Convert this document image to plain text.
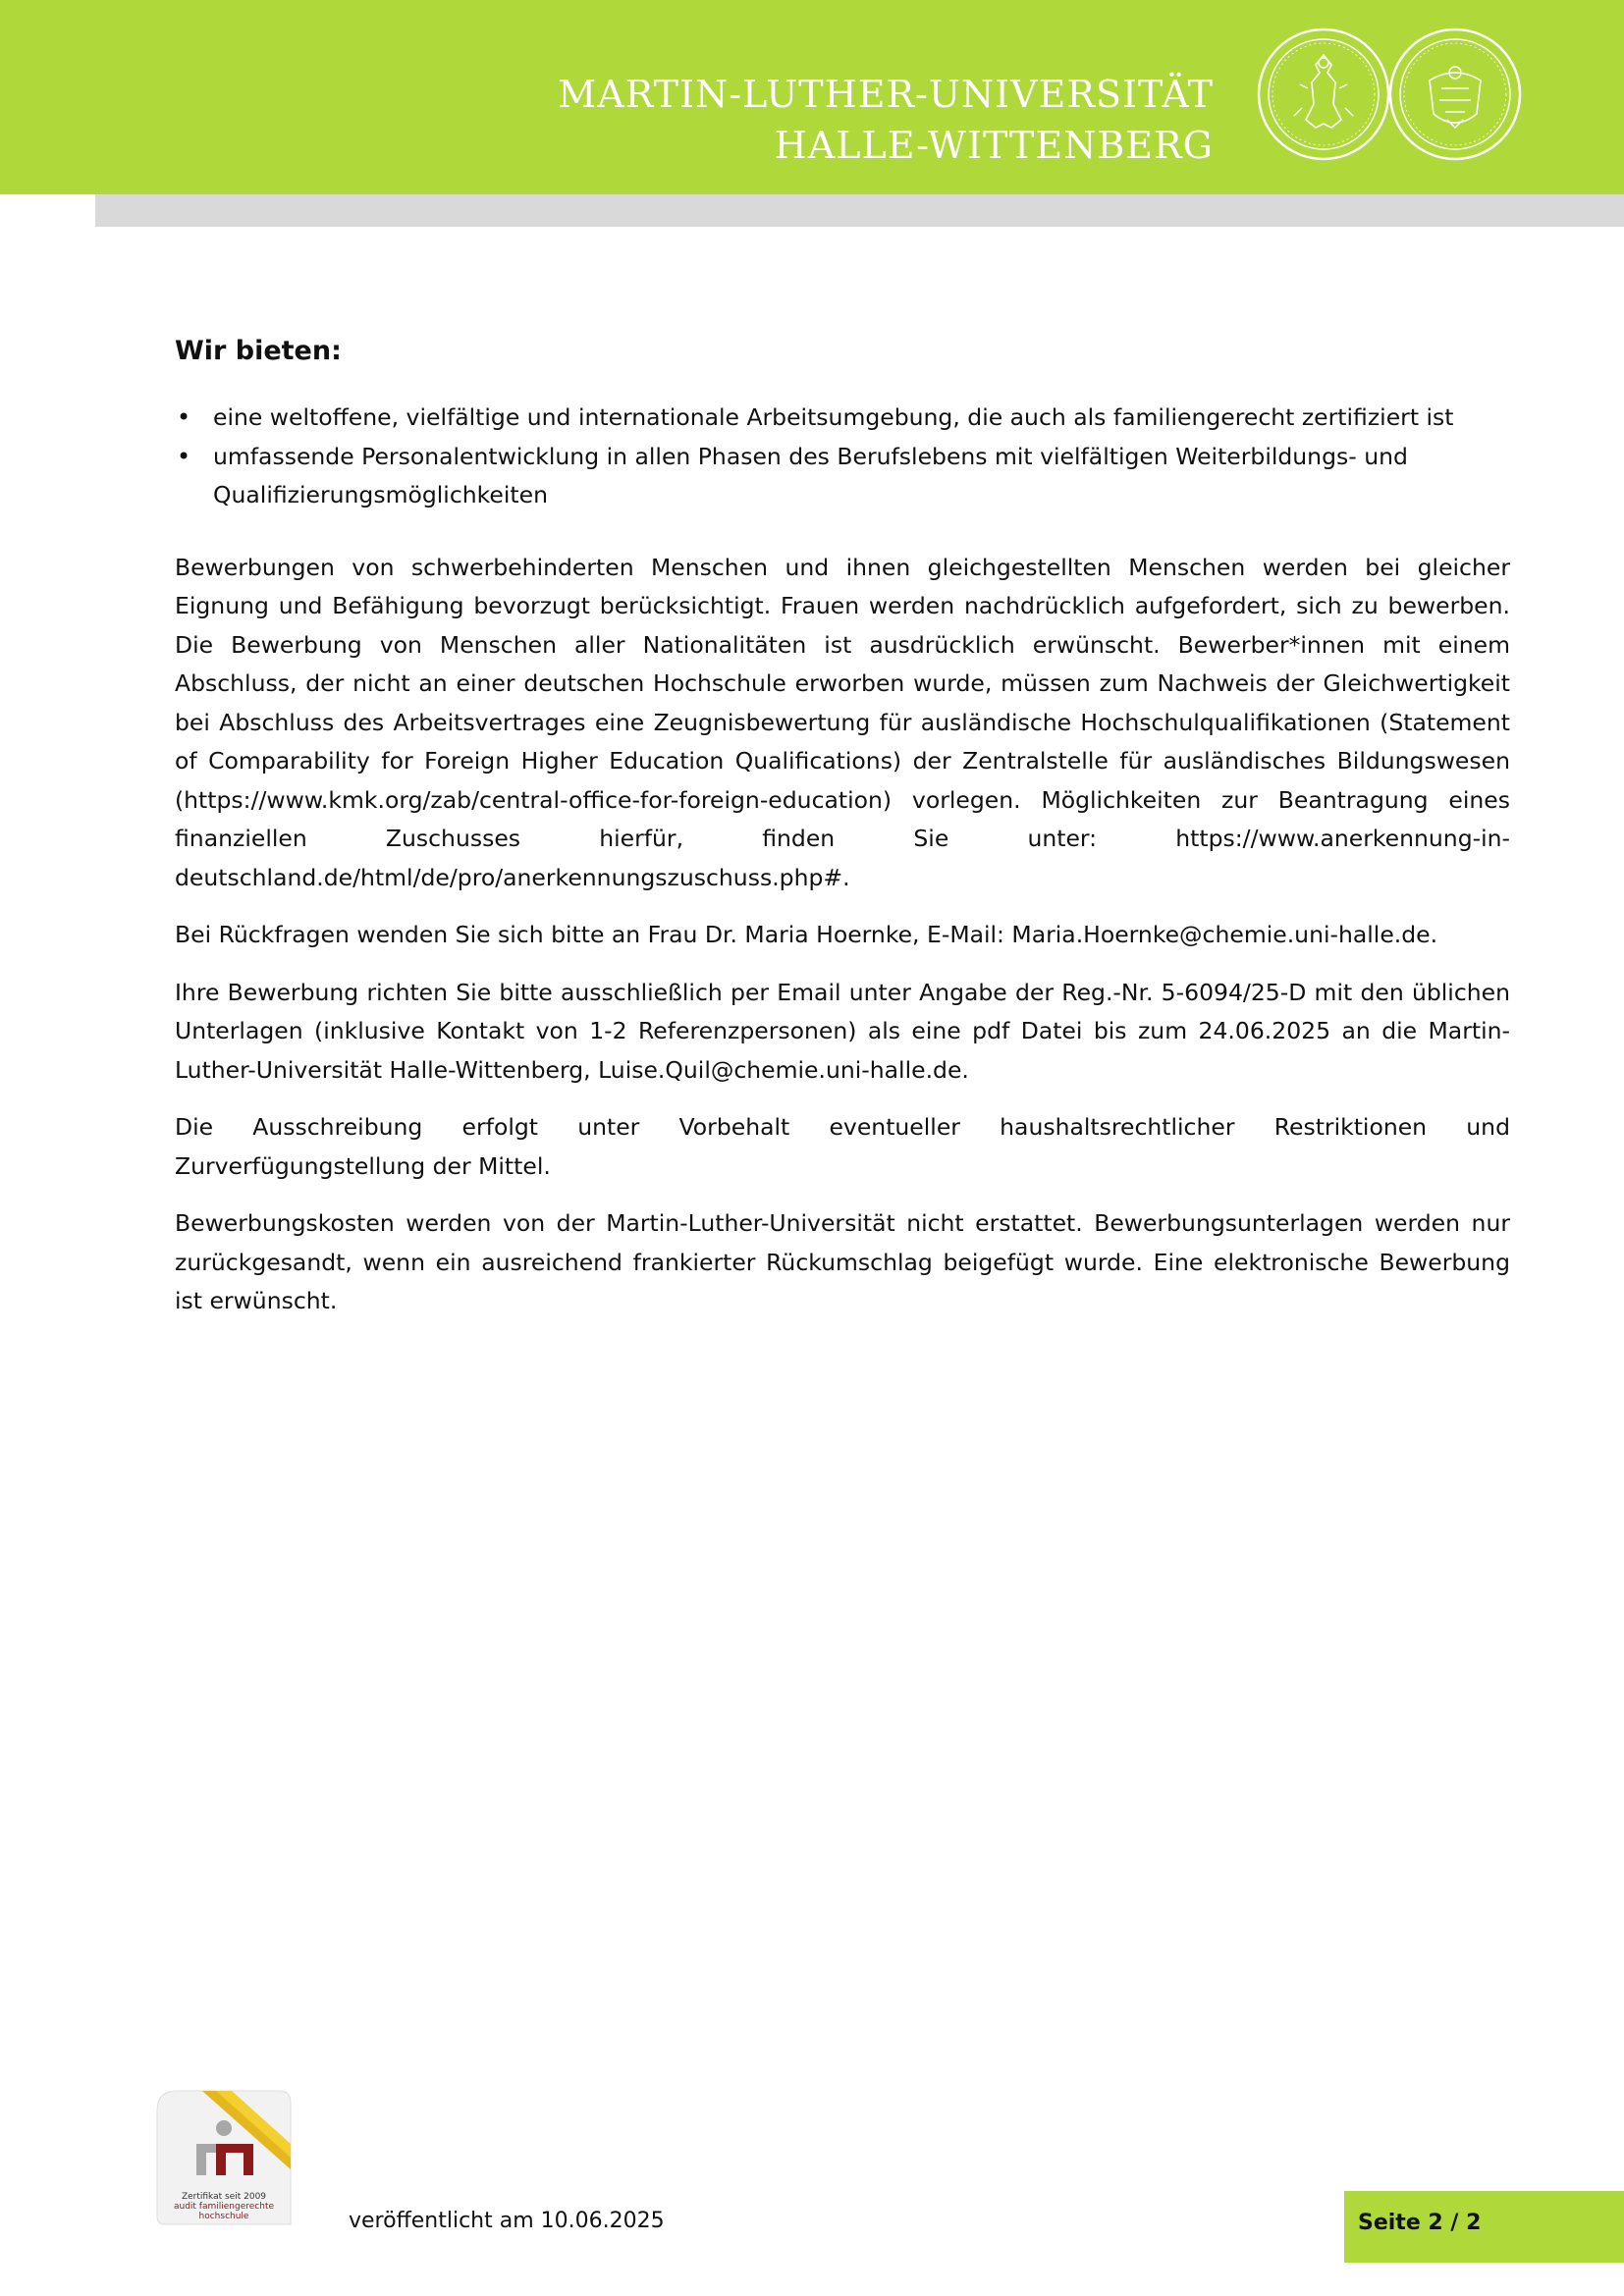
MARTIN-LUTHER-UNIVERSITÄT
HALLE-WITTENBERG
Wir bieten:
• eine weltoffene, vielfältige und internationale Arbeitsumgebung, die auch als familiengerecht zertifiziert ist
• umfassende Personalentwicklung in allen Phasen des Berufslebens mit vielfältigen Weiterbildungs- und Qualifizierungsmöglichkeiten

Bewerbungen von schwerbehinderten Menschen und ihnen gleichgestellten Menschen werden bei gleicher Eignung und Befähigung bevorzugt berücksichtigt. Frauen werden nachdrücklich aufgefordert, sich zu bewerben. Die Bewerbung von Menschen aller Nationalitäten ist ausdrücklich erwünscht. Bewerber*innen mit einem Abschluss, der nicht an einer deutschen Hochschule erworben wurde, müssen zum Nachweis der Gleichwertigkeit bei Abschluss des Arbeitsvertrages eine Zeugnisbewertung für ausländische Hochschulqualifikationen (Statement of Comparability for Foreign Higher Education Qualifications) der Zentralstelle für ausländisches Bildungswesen (https://www.kmk.org/zab/central-office-for-foreign-education) vorlegen. Möglichkeiten zur Beantragung eines finanziellen Zuschusses hierfür, finden Sie unter: https://www.anerkennung-in-deutschland.de/html/de/pro/anerkennungszuschuss.php#.

Bei Rückfragen wenden Sie sich bitte an Frau Dr. Maria Hoernke, E-Mail: Maria.Hoernke@chemie.uni-halle.de.

Ihre Bewerbung richten Sie bitte ausschließlich per Email unter Angabe der Reg.-Nr. 5-6094/25-D mit den üblichen Unterlagen (inklusive Kontakt von 1-2 Referenzpersonen) als eine pdf Datei bis zum 24.06.2025 an die Martin-Luther-Universität Halle-Wittenberg, Luise.Quil@chemie.uni-halle.de.

Die Ausschreibung erfolgt unter Vorbehalt eventueller haushaltsrechtlicher Restriktionen und Zurverfügungstellung der Mittel.

Bewerbungskosten werden von der Martin-Luther-Universität nicht erstattet. Bewerbungsunterlagen werden nur zurückgesandt, wenn ein ausreichend frankierter Rückumschlag beigefügt wurde. Eine elektronische Bewerbung ist erwünscht.

Zertifikat seit 2009
audit familiengerechte
hochschule	veröffentlicht am 10.06.2025	Seite 2 / 2
